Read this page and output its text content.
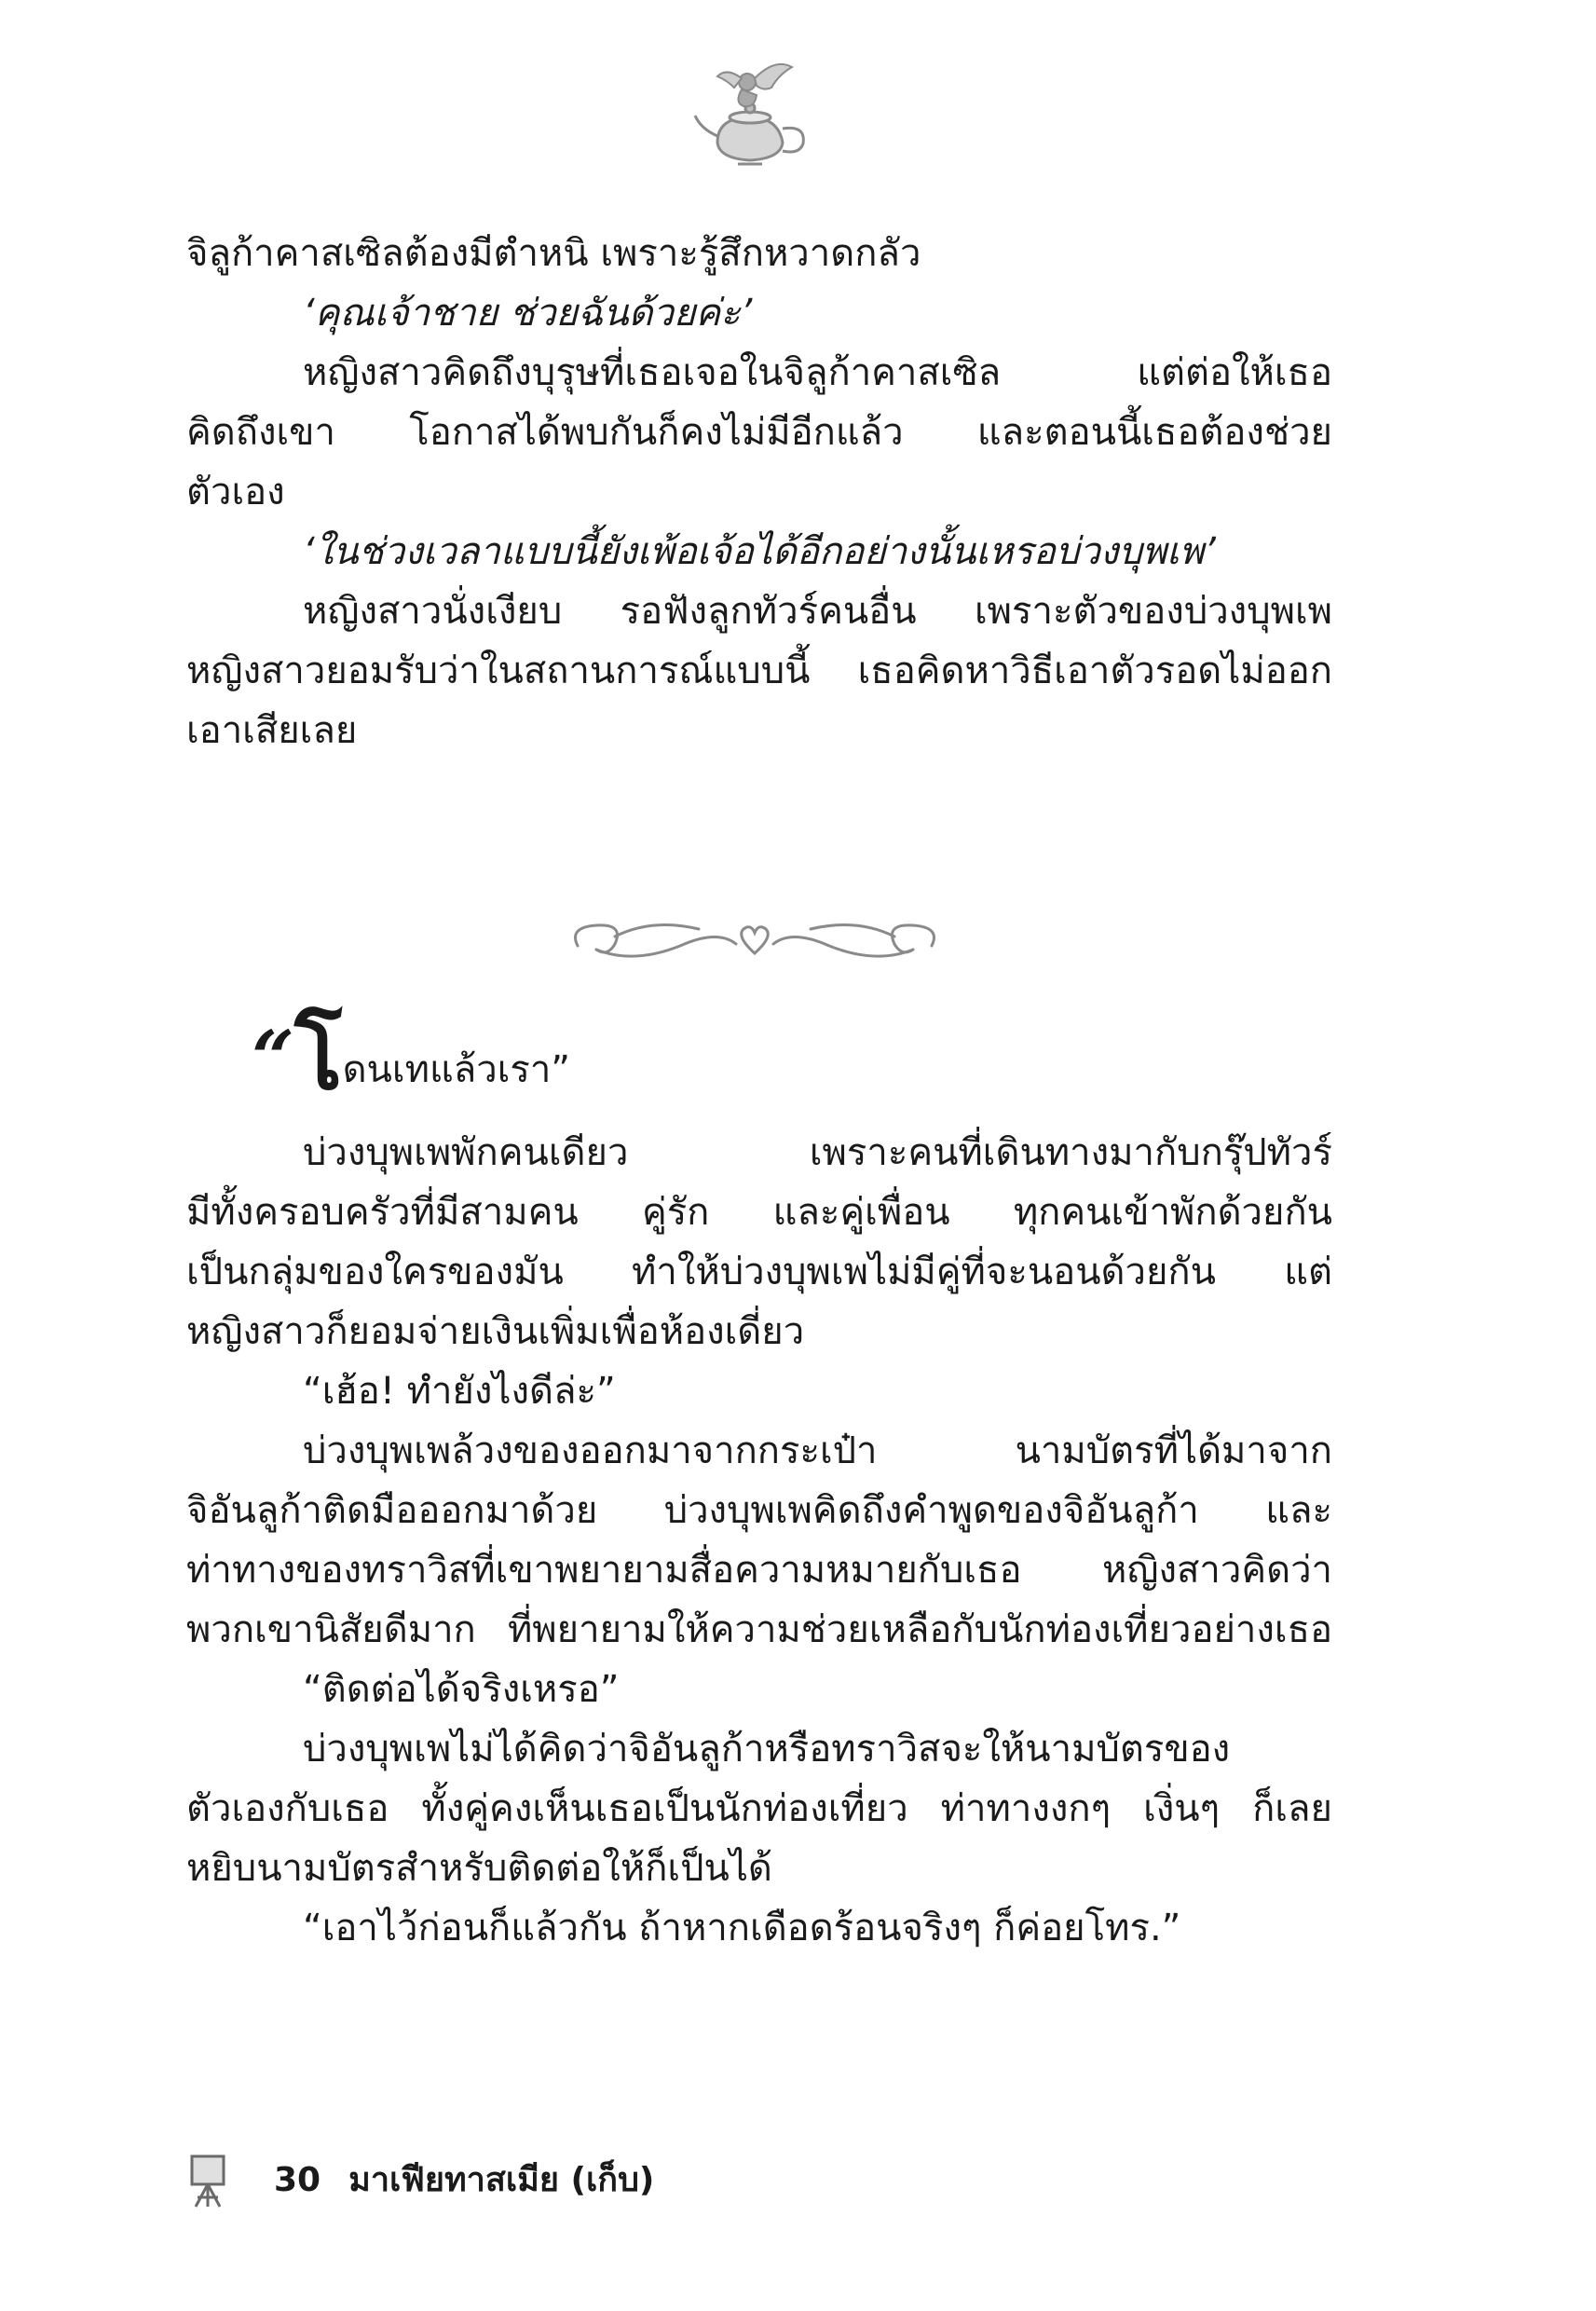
จิลูก้าคาสเซิลต้องมีตำหนิ เพราะรู้สึกหวาดกลัว
‘คุณเจ้าชาย ช่วยฉันด้วยค่ะ’
หญิงสาวคิดถึงบุรุษที่เธอเจอในจิลูก้าคาสเซิล แต่ต่อให้เธอ
คิดถึงเขา โอกาสได้พบกันก็คงไม่มีอีกแล้ว และตอนนี้เธอต้องช่วย
ตัวเอง
‘ในช่วงเวลาแบบนี้ยังเพ้อเจ้อได้อีกอย่างนั้นเหรอบ่วงบุพเพ’
หญิงสาวนั่งเงียบ รอฟังลูกทัวร์คนอื่น เพราะตัวของบ่วงบุพเพ
หญิงสาวยอมรับว่าในสถานการณ์แบบนี้ เธอคิดหาวิธีเอาตัวรอดไม่ออก
เอาเสียเลย
“โดนเทแล้วเรา”
บ่วงบุพเพพักคนเดียว เพราะคนที่เดินทางมากับกรุ๊ปทัวร์
มีทั้งครอบครัวที่มีสามคน คู่รัก และคู่เพื่อน ทุกคนเข้าพักด้วยกัน
เป็นกลุ่มของใครของมัน ทำให้บ่วงบุพเพไม่มีคู่ที่จะนอนด้วยกัน แต่
หญิงสาวก็ยอมจ่ายเงินเพิ่มเพื่อห้องเดี่ยว
“เฮ้อ! ทำยังไงดีล่ะ”
บ่วงบุพเพล้วงของออกมาจากกระเป๋า นามบัตรที่ได้มาจาก
จิอันลูก้าติดมือออกมาด้วย บ่วงบุพเพคิดถึงคำพูดของจิอันลูก้า และ
ท่าทางของทราวิสที่เขาพยายามสื่อความหมายกับเธอ หญิงสาวคิดว่า
พวกเขานิสัยดีมาก ที่พยายามให้ความช่วยเหลือกับนักท่องเที่ยวอย่างเธอ
“ติดต่อได้จริงเหรอ”
บ่วงบุพเพไม่ได้คิดว่าจิอันลูก้าหรือทราวิสจะให้นามบัตรของ
ตัวเองกับเธอ ทั้งคู่คงเห็นเธอเป็นนักท่องเที่ยว ท่าทางงกๆ เงิ่นๆ ก็เลย
หยิบนามบัตรสำหรับติดต่อให้ก็เป็นได้
“เอาไว้ก่อนก็แล้วกัน ถ้าหากเดือดร้อนจริงๆ ก็ค่อยโทร.”
30 มาเฟียทาสเมีย (เก็บ)
